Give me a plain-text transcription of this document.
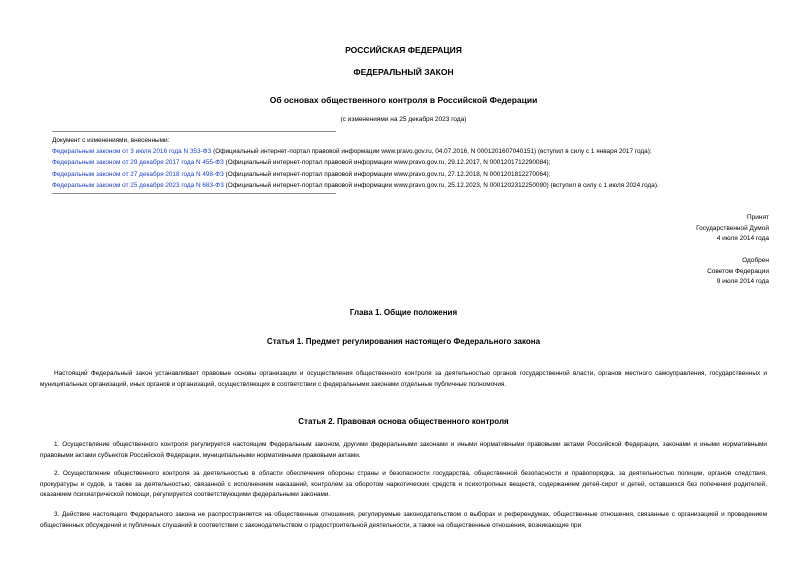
РОССИЙСКАЯ ФЕДЕРАЦИЯ
ФЕДЕРАЛЬНЫЙ ЗАКОН
Об основах общественного контроля в Российской Федерации
(с изменениями на 25 декабря 2023 года)
Документ с изменениями, внесенными:
Федеральным законом от 3 июля 2016 года N 353-ФЗ (Официальный интернет-портал правовой информации www.pravo.gov.ru, 04.07.2016, N 0001201607040151) (вступил в силу с 1 января 2017 года);
Федеральным законом от 29 декабря 2017 года N 455-ФЗ (Официальный интернет-портал правовой информации www.pravo.gov.ru, 29.12.2017, N 0001201712290084);
Федеральным законом от 27 декабря 2018 года N 498-ФЗ (Официальный интернет-портал правовой информации www.pravo.gov.ru, 27.12.2018, N 0001201812270064);
Федеральным законом от 25 декабря 2023 года N 683-ФЗ (Официальный интернет-портал правовой информации www.pravo.gov.ru, 25.12.2023, N 0001202312250090) (вступил в силу с 1 июля 2024 года).
Принят
Государственной Думой
4 июля 2014 года
Одобрен
Советом Федерации
9 июля 2014 года
Глава 1. Общие положения
Статья 1. Предмет регулирования настоящего Федерального закона
Настоящий Федеральный закон устанавливает правовые основы организации и осуществления общественного контроля за деятельностью органов государственной власти, органов местного самоуправления, государственных и муниципальных организаций, иных органов и организаций, осуществляющих в соответствии с федеральными законами отдельные публичные полномочия.
Статья 2. Правовая основа общественного контроля
1. Осуществление общественного контроля регулируется настоящим Федеральным законом, другими федеральными законами и иными нормативными правовыми актами Российской Федерации, законами и иными нормативными правовыми актами субъектов Российской Федерации, муниципальными нормативными правовыми актами.
2. Осуществление общественного контроля за деятельностью в области обеспечения обороны страны и безопасности государства, общественной безопасности и правопорядка, за деятельностью полиции, органов следствия, прокуратуры и судов, а также за деятельностью, связанной с исполнением наказаний, контролем за оборотом наркотических средств и психотропных веществ, содержанием детей-сирот и детей, оставшихся без попечения родителей, оказанием психиатрической помощи, регулируется соответствующими федеральными законами.
3. Действие настоящего Федерального закона не распространяется на общественные отношения, регулируемые законодательством о выборах и референдумах, общественные отношения, связанные с организацией и проведением общественных обсуждений и публичных слушаний в соответствии с законодательством о градостроительной деятельности, а также на общественные отношения, возникающие при
